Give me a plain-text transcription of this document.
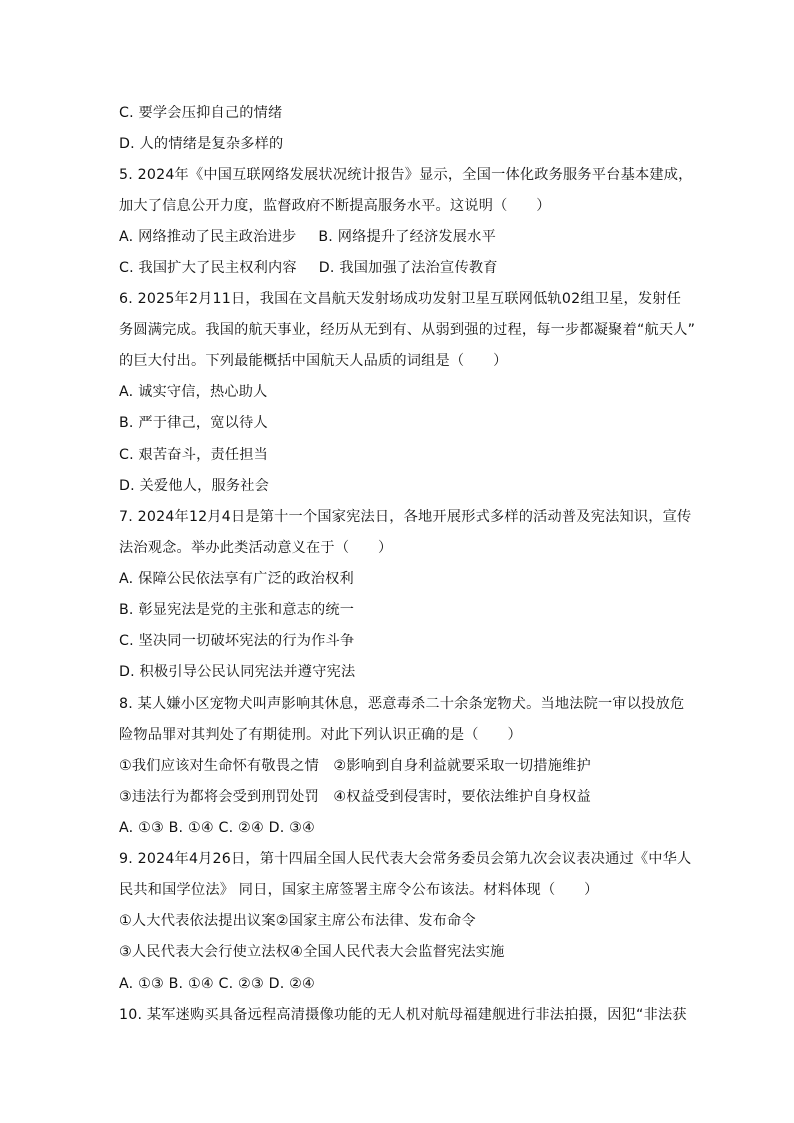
C. 要学会压抑自己的情绪
D. 人的情绪是复杂多样的
5. 2024年《中国互联网络发展状况统计报告》显示，全国一体化政务服务平台基本建成，
加大了信息公开力度，监督政府不断提高服务水平。这说明（　　）
A. 网络推动了民主政治进步 B. 网络提升了经济发展水平
C. 我国扩大了民主权利内容 D. 我国加强了法治宣传教育
6. 2025年2月11日，我国在文昌航天发射场成功发射卫星互联网低轨02组卫星，发射任
务圆满完成。我国的航天事业，经历从无到有、从弱到强的过程，每一步都凝聚着“航天人”
的巨大付出。下列最能概括中国航天人品质的词组是（　　）
A. 诚实守信，热心助人
B. 严于律己，宽以待人
C. 艰苦奋斗，责任担当
D. 关爱他人，服务社会
7. 2024年12月4日是第十一个国家宪法日，各地开展形式多样的活动普及宪法知识，宣传
法治观念。举办此类活动意义在于（　　）
A. 保障公民依法享有广泛的政治权利
B. 彰显宪法是党的主张和意志的统一
C. 坚决同一切破坏宪法的行为作斗争
D. 积极引导公民认同宪法并遵守宪法
8. 某人嫌小区宠物犬叫声影响其休息，恶意毒杀二十余条宠物犬。当地法院一审以投放危
险物品罪对其判处了有期徒刑。对此下列认识正确的是（　　）
①我们应该对生命怀有敬畏之情　②影响到自身利益就要采取一切措施维护
③违法行为都将会受到刑罚处罚　④权益受到侵害时，要依法维护自身权益
A. ①③ B. ①④ C. ②④ D. ③④
9. 2024年4月26日，第十四届全国人民代表大会常务委员会第九次会议表决通过《中华人
民共和国学位法》 同日，国家主席签署主席令公布该法。材料体现（　　）
①人大代表依法提出议案②国家主席公布法律、发布命令
③人民代表大会行使立法权④全国人民代表大会监督宪法实施
A. ①③ B. ①④ C. ②③ D. ②④
10. 某军迷购买具备远程高清摄像功能的无人机对航母福建舰进行非法拍摄，因犯“非法获
